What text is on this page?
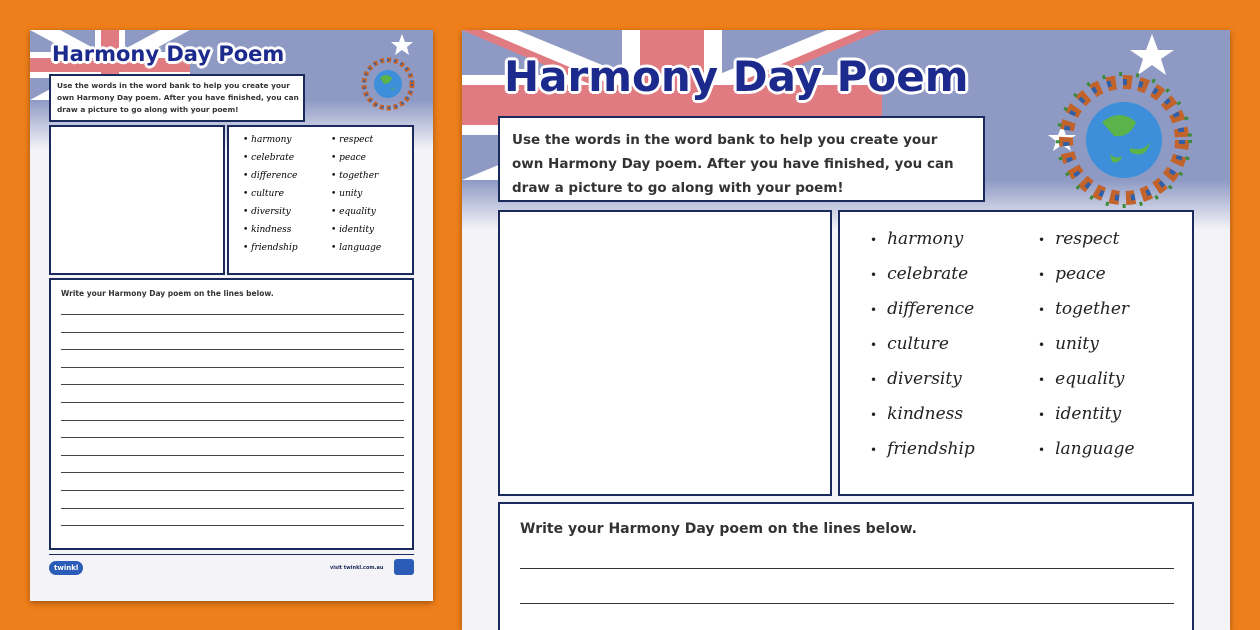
Harmony Day Poem
Use the words in the word bank to help you create your
own Harmony Day poem. After you have finished, you can
draw a picture to go along with your poem!
• harmony
• celebrate
• difference
• culture
• diversity
• kindness
• friendship
• respect
• peace
• together
• unity
• equality
• identity
• language
Write your Harmony Day poem on the lines below.
twinkl	visit twinkl.com.au
Harmony Day Poem
Use the words in the word bank to help you create your
own Harmony Day poem. After you have finished, you can
draw a picture to go along with your poem!
• harmony
• celebrate
• difference
• culture
• diversity
• kindness
• friendship
• respect
• peace
• together
• unity
• equality
• identity
• language
Write your Harmony Day poem on the lines below.
